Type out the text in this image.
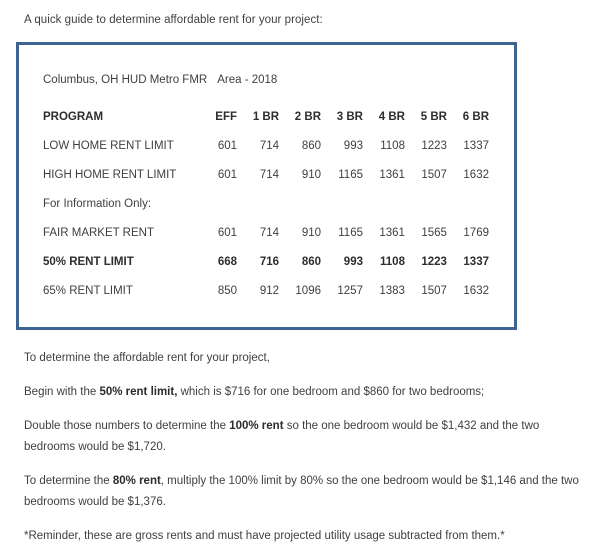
A quick guide to determine affordable rent for your project:
Columbus, OH HUD Metro FMR Area - 2018
PROGRAM	EFF	1 BR	2 BR	3 BR	4 BR	5 BR	6 BR
LOW HOME RENT LIMIT	601	714	860	993	1108	1223	1337
HIGH HOME RENT LIMIT	601	714	910	1165	1361	1507	1632
For Information Only:							
FAIR MARKET RENT	601	714	910	1165	1361	1565	1769
50% RENT LIMIT	668	716	860	993	1108	1223	1337
65% RENT LIMIT	850	912	1096	1257	1383	1507	1632

To determine the affordable rent for your project,

Begin with the 50% rent limit, which is $716 for one bedroom and $860 for two bedrooms;

Double those numbers to determine the 100% rent so the one bedroom would be $1,432 and the two bedrooms would be $1,720.

To determine the 80% rent, multiply the 100% limit by 80% so the one bedroom would be $1,146 and the two bedrooms would be $1,376.

*Reminder, these are gross rents and must have projected utility usage subtracted from them.*
